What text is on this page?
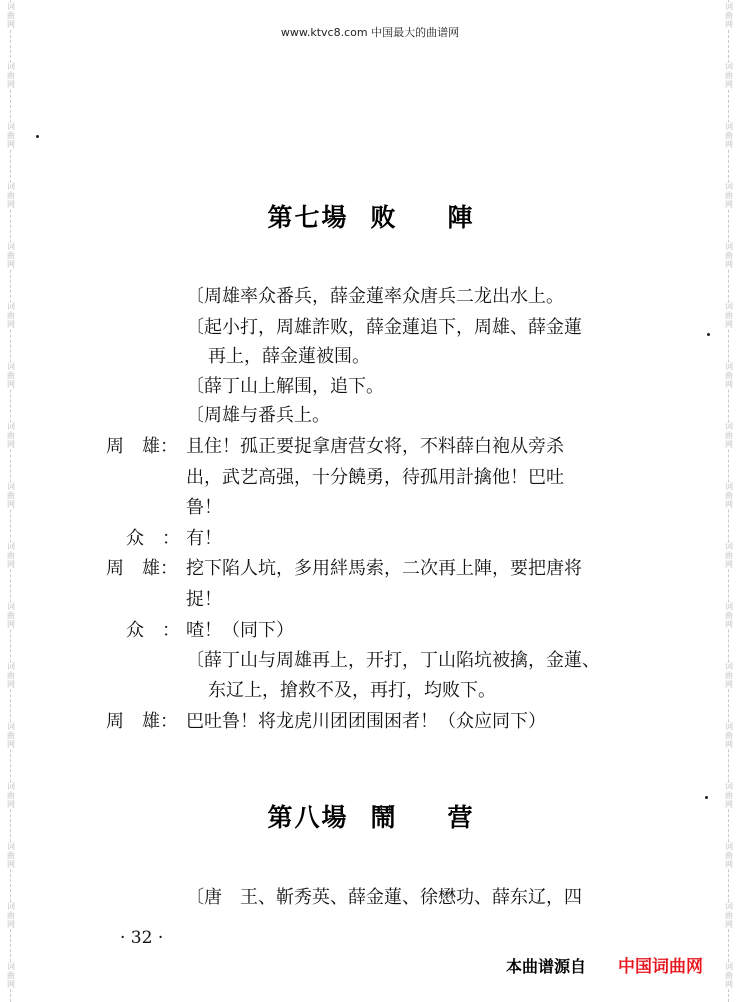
词
曲
网
词
曲
网
词
曲
网
词
曲
网
词
曲
网
词
曲
网
词
曲
网
词
曲
网
词
曲
网
词
曲
网
词
曲
网
词
曲
网
词
曲
网
词
曲
网
词
曲
网
词
曲
网
词
曲
网
词
曲
网
词
曲
网
词
曲
网
词
曲
网
词
曲
网
词
曲
网
词
曲
网
词
曲
网
词
曲
网
词
曲
网
词
曲
网
词
曲
网
词
曲
网
词
曲
网
词
曲
网
词
曲
网
词
曲
网
www.ktvc8.com 中国最大的曲谱网
第七場 败 陣
〔周雄率众番兵，薛金蓮率众唐兵二龙出水上。
〔起小打，周雄詐败，薛金蓮追下，周雄、薛金蓮
再上，薛金蓮被围。
〔薛丁山上解围，追下。
〔周雄与番兵上。
周　雄： 且住！孤正要捉拿唐营女将，不料薛白袍从旁杀
出，武艺高强，十分饒勇，待孤用計擒他！巴吐
鲁！
众　： 有！
周　雄： 挖下陷人坑，多用絆馬索，二次再上陣，要把唐将
捉！
众　： 喳！（同下）
〔薛丁山与周雄再上，开打，丁山陷坑被擒，金蓮、
东辽上，搶救不及，再打，均败下。
周　雄： 巴吐鲁！将龙虎川团团围困者！（众应同下）
第八場 鬧 营
〔唐　王、靳秀英、薛金蓮、徐懋功、薛东辽，四
· 32 ·
本曲谱源自 中国词曲网
